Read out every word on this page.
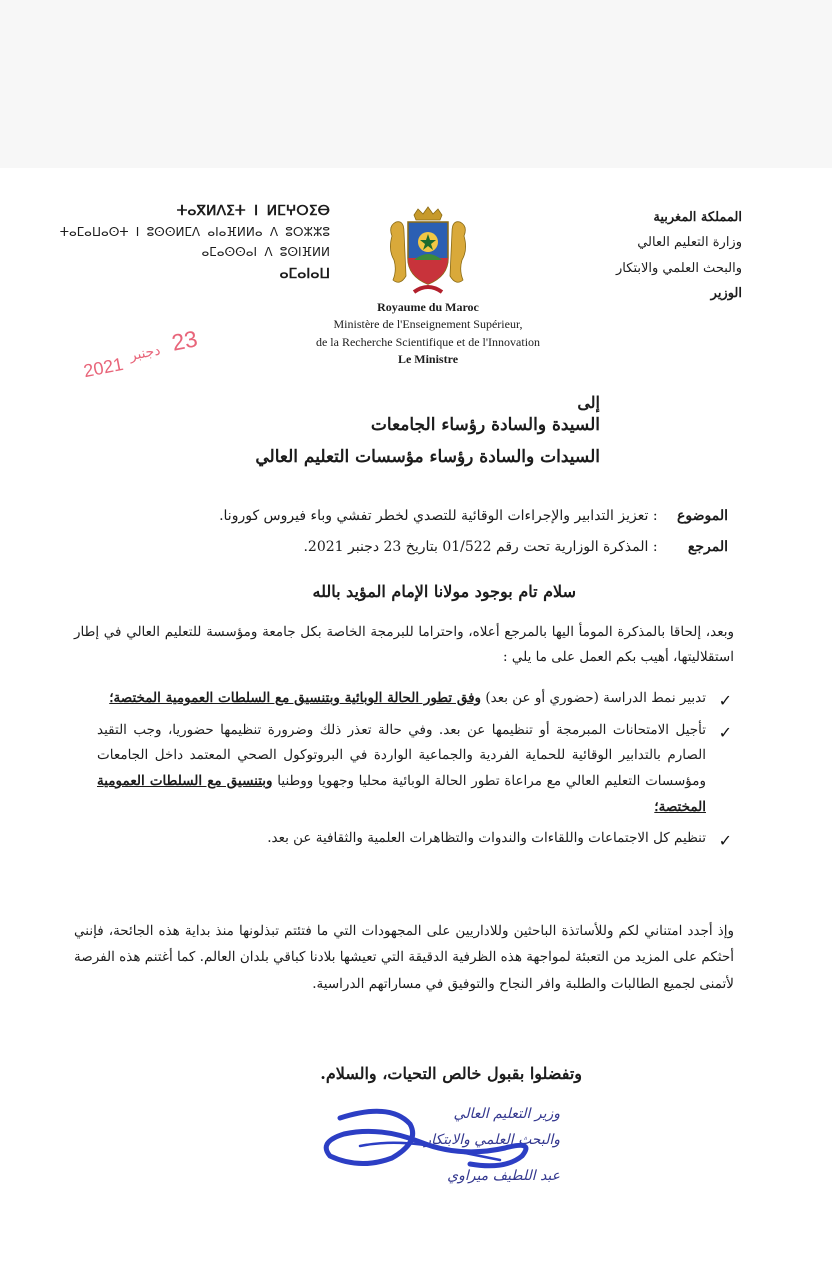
المملكة المغربية
وزارة التعليم العالي
والبحث العلمي والابتكار
الوزير
ⵜⴰⴳⵍⴷⵉⵜ ⵏ ⵍⵎⵖⵔⵉⴱ
ⵜⴰⵎⴰⵡⴰⵙⵜ ⵏ ⵓⵙⵙⵍⵎⴷ ⴰⵏⴰⴼⵍⵍⴰ ⴷ ⵓⵔⵣⵣⵓ
ⴰⵎⴰⵙⵙⴰⵏ ⴷ ⵓⵙⵏⴼⵍⵍ
ⴰⵎⴰⵏⴰⵡ
Royaume du Maroc
Ministère de l'Enseignement Supérieur,
de la Recherche Scientifique et de l'Innovation
Le Ministre
2021
دجنبر 23
إلى
السيدة والسادة رؤساء الجامعات
السيدات والسادة رؤساء مؤسسات التعليم العالي
الموضوع : تعزيز التدابير والإجراءات الوقائية للتصدي لخطر تفشي وباء فيروس كورونا.
المرجع : المذكرة الوزارية تحت رقم 01/522 بتاريخ 23 دجنبر 2021.
سلام تام بوجود مولانا الإمام المؤيد بالله
وبعد، إلحاقا بالمذكرة المومأ اليها بالمرجع أعلاه، واحتراما للبرمجة الخاصة بكل جامعة ومؤسسة للتعليم العالي في إطار استقلاليتها، أهيب بكم العمل على ما يلي :
✓
تدبير نمط الدراسة (حضوري أو عن بعد) وفق تطور الحالة الوبائية وبتنسيق مع السلطات العمومية المختصة؛
✓
تأجيل الامتحانات المبرمجة أو تنظيمها عن بعد. وفي حالة تعذر ذلك وضرورة تنظيمها حضوريا، وجب التقيد الصارم بالتدابير الوقائية للحماية الفردية والجماعية الواردة في البروتوكول الصحي المعتمد داخل الجامعات ومؤسسات التعليم العالي مع مراعاة تطور الحالة الوبائية محليا وجهويا ووطنيا وبتنسيق مع السلطات العمومية المختصة؛
✓
تنظيم كل الاجتماعات واللقاءات والندوات والتظاهرات العلمية والثقافية عن بعد.
وإذ أجدد امتناني لكم وللأساتذة الباحثين وللاداريين على المجهودات التي ما فتئتم تبذلونها منذ بداية هذه الجائحة، فإنني أحثكم على المزيد من التعبئة لمواجهة هذه الظرفية الدقيقة التي تعيشها بلادنا كباقي بلدان العالم. كما أغتنم هذه الفرصة لأتمنى لجميع الطالبات والطلبة وافر النجاح والتوفيق في مساراتهم الدراسية.
وتفضلوا بقبول خالص التحيات، والسلام.
وزير التعليم العالي
والبحث العلمي والابتكار
عبد اللطيف ميراوي
